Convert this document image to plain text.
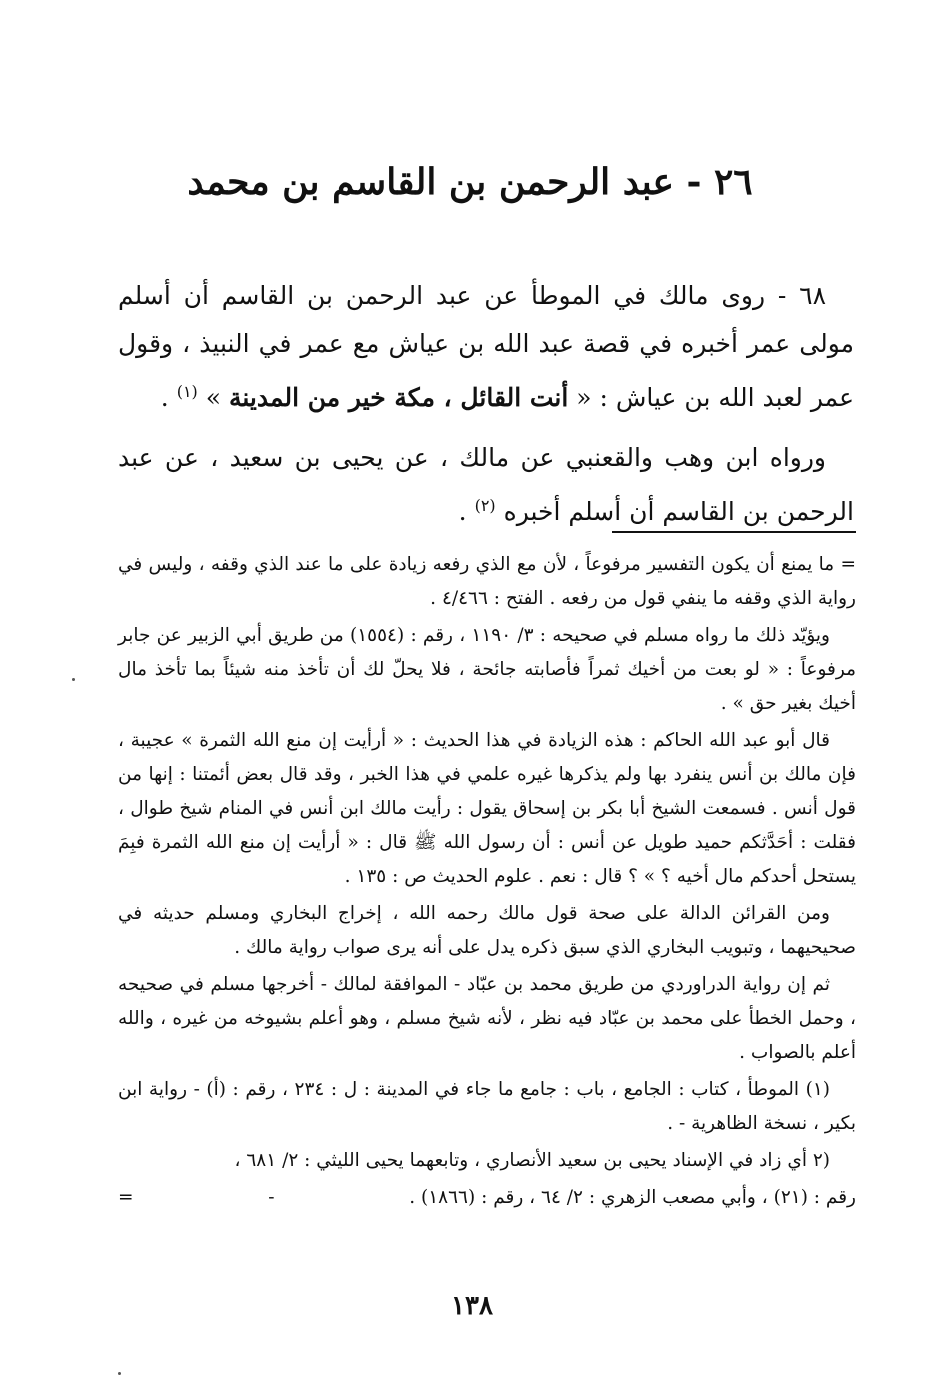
٢٦ - عبد الرحمن بن القاسم بن محمد

٦٨ - روى مالك في الموطأ عن عبد الرحمن بن القاسم أن أسلم مولى عمر أخبره في قصة عبد الله بن عياش مع عمر في النبيذ ، وقول عمر لعبد الله بن عياش : « أنت القائل ، مكة خير من المدينة » $^{(١)}$ .

ورواه ابن وهب والقعنبي عن مالك ، عن يحيى بن سعيد ، عن عبد الرحمن بن القاسم أن أسلم أخبره $^{(٢)}$ .

= ما يمنع أن يكون التفسير مرفوعاً ، لأن مع الذي رفعه زيادة على ما عند الذي وقفه ، وليس في رواية الذي وقفه ما ينفي قول من رفعه . الفتح : ٤/٤٦٦ .

ويؤيّد ذلك ما رواه مسلم في صحيحه : ٣/ ١١٩٠ ، رقم : (١٥٥٤) من طريق أبي الزبير عن جابر مرفوعاً : « لو بعت من أخيك ثمراً فأصابته جائحة ، فلا يحلّ لك أن تأخذ منه شيئاً بما تأخذ مال أخيك بغير حق » .

قال أبو عبد الله الحاكم : هذه الزيادة في هذا الحديث : « أرأيت إن منع الله الثمرة » عجيبة ، فإن مالك بن أنس ينفرد بها ولم يذكرها غيره علمي في هذا الخبر ، وقد قال بعض أئمتنا : إنها من قول أنس . فسمعت الشيخ أبا بكر بن إسحاق يقول : رأيت مالك ابن أنس في المنام شيخ طوال ، فقلت : أحَدَّثكم حميد طويل عن أنس : أن رسول الله ﷺ قال : « أرأيت إن منع الله الثمرة فبِمَ يستحل أحدكم مال أخيه ؟ » ؟ قال : نعم . علوم الحديث ص : ١٣٥ .

ومن القرائن الدالة على صحة قول مالك رحمه الله ، إخراج البخاري ومسلم حديثه في صحيحيهما ، وتبويب البخاري الذي سبق ذكره يدل على أنه يرى صواب رواية مالك .

ثم إن رواية الدراوردي من طريق محمد بن عبّاد - الموافقة لمالك - أخرجها مسلم في صحيحه ، وحمل الخطأ على محمد بن عبّاد فيه نظر ، لأنه شيخ مسلم ، وهو أعلم بشيوخه من غيره ، والله أعلم بالصواب .

(١) الموطأ ، كتاب : الجامع ، باب : جامع ما جاء في المدينة : ل : ٢٣٤ ، رقم : (أ) - رواية ابن بكير ، نسخة الظاهرية - .

(٢ أي زاد في الإسناد يحيى بن سعيد الأنصاري ، وتابعهما يحيى الليثي : ٢/ ٦٨١ ،

رقم : (٢١) ، وأبي مصعب الزهري : ٢/ ٦٤ ، رقم : (١٨٦٦) .
-
=
١٣٨
